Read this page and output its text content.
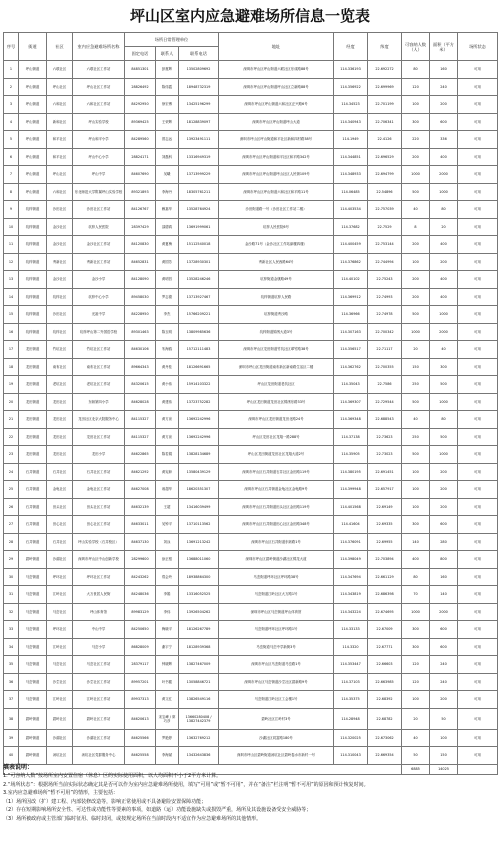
坪山区室内应急避难场所信息一览表
序号	街道	社区	室内应急避难场所名称	场所日常管理单位			地址	经度	纬度	可容纳人数（人）	面积（平方米）	场所状态
				固定电话	联系人	联系电话						
1	坪山街道	六联社区	六联社区工作站	84851301	彭惠辉	13502809692	深圳市坪山区坪山街道六联社区东成路88号	114.336193	22.692272	80	160	可用
2	坪山街道	坪山社区	坪山社区工作站	28826492	陈伟霞	18948732319	深圳市坪山区坪山街道坪山社区立新路88号	114.356922	22.699969	120	240	可用
3	坪山街道	六和社区	六和社区工作站	84292950	徐宏博	13425196299	深圳市坪山区坪山街道六和社区正兴路6号	114.34523	22.701199	100	200	可用
4	坪山街道	新和社区	坪山实验学校	89369425	王荣辉	18128839097	深圳市坪山区坪山街道坪山大道	114.340943	22.706341	300	600	可用
5	坪山街道	和平社区	坪山和平小学	84289560	曾志远	13923491111	深圳市坪山区坪山街道和平社区新和四村路38号	114.1949	22.4126	220	336	可用
6	坪山街道	和平社区	坪山中心小学	28824171	刘磊科	13316949319	深圳市坪山区坪山街道和平社区和平路342号	114.344851	22.696529	200	400	可用
7	坪山街道	坪山社区	坪山中学	84607690	吴曦	13713999229	深圳市坪山区坪山街道坪山社区人民街109号	114.348933	22.694799	1000	2000	可用
8	坪山街道	六和社区	东北师范大学附属坪山实验学校	89321893	李海丹	18305761211	深圳市坪山区坪山街道六和社区和平路11号	114.06485	22.54896	500	1000	可用
9	坑梓街道	沙田社区	沙田社区工作站	84126767	赖嘉华	13528764924	沙田街道路一号（沙田社区工作站二楼）	114.403534	22.757039	40	80	可用
10	坑梓街道	金沙社区	坑梓人民医院	28397429	邵德鸿	13691999061	坑梓人民医院6号	114.37682	22.7529	8	20	可用
11	坑梓街道	金沙社区	金沙社区工作站	84120830	黄夏梅	15112540018	金沙路71号（金沙社区工作站副楼四楼）	114.400459	22.753144	200	400	可用
12	坑梓街道	秀新社区	秀新社区工作站	84652831	黄国芳	13728930301	秀新社区人民西路64号	114.376862	22.744994	100	200	可用
13	坑梓街道	金沙社区	金沙小学	84128090	黄明昌	13528246246	坑梓街道金康路49号	114.40102	22.75243	200	400	可用
14	坑梓街道	坑梓社区	坑梓中心小学	89458030	罗志德	13713927467	坑梓街道坑梓人民路	114.369912	22.74993	200	400	可用
15	坑梓街道	沙田社区	光祖中学	84228950	李杰	15766209221	坑梓街道秀沙路	114.36966	22.74978	500	1000	可用
16	坑梓街道	坑梓社区	坑梓坪山第二外国语学校	89301463	陈玉明	13809985636	坑梓街道锦绣大道3号	114.307163	22.700342	1000	2000	可用
17	龙田街道	竹坑社区	竹坑社区工作站	84630106	朱海鸥	15712111483	深圳市坪山区龙田街道竹坑社区翠竹路38号	114.356517	22.71117	20	40	可用
18	龙田街道	南布社区	南布社区工作站	89664343	黄丹桂	18126691665	深圳市坪山区龙田街道南布新区新南路生活区二楼	114.362762	22.700355	150	300	可用
19	龙田街道	老坑社区	老坑社区工作站	84320615	黄小伟	15914103322	坪山区龙田街道老坑社区	114.35043	22.7586	250	500	可用
20	龙田街道	龙田社区	东纵第四小学	84628028	黄建伟	13723752282	坪山区龙田街道龙田社区锦绣东路33号	114.369307	22.729544	500	1000	可用
21	龙田街道	龙田社区	龙田社区北京大院服务中心	84115327	黄方泉	13692242996	深圳市坪山区龙田街道龙田北路24号	114.369348	22.688543	40	80	可用
22	龙田街道	龙田社区	龙田社区工作站	84115327	黄方泉	13692242996	坪山区龙田社区龙翔一路288号	114.37138	22.73623	250	500	可用
23	龙田街道	龙田社区	龙田小学	84622865	陈若娟	13828134689	坪山区龙田街道龙田社区龙翔大道2号	114.35905	22.73023	500	1000	可用
24	石井街道	石井社区	石井社区工作站	84621292	黄宪彰	13580439129	深圳市坪山区石井街道石井社区金田路119号	114.380195	22.691451	100	200	可用
25	石井街道	金龟社区	金龟社区工作站	84627008	戚超华	18620351307	深圳市坪山区石井街道金龟社区金龟路9号	114.399948	22.657917	100	200	可用
26	石井街道	田头社区	田头社区工作站	84632139	王超	13416039499	深圳市坪山区石井街道田头社区金田路119号	114.401568	22.69149	100	200	可用
27	石井街道	田心社区	田心社区工作站	84633011	吴钟平	13710113562	深圳市坪山区石井街道田心社区金田路348号	114.41604	22.69335	300	600	可用
28	石井街道	石井社区	坪山实验学校（石井校区）	84637130	刘泳	13691213242	深圳市坪山区石井街道东纵路1号	114.376091	22.69955	140	280	可用
29	碧岭街道	沙湖社区	深圳市坪山区中山创新学校	28299600	涂正根	13688011060	深圳市坪山区碧岭街道沙湖社区锦龙大道	114.398049	22.703894	400	800	可用
30	马峦街道	坪环社区	坪环社区工作站	84243262	郑会玲	18938864300	马峦街道坪环社区坪环路38号	114.347694	22.661129	80	160	可用
31	马峦街道	江岭社区	大万世居人民街	84248036	李娟	13316052525	马峦街道江岭社区大万路1号	114.343819	22.686398	70	140	可用
32	马峦街道	马峦社区	坪山体育馆	89983129	李伟	13926504262	深圳市坪山区马峦街道坪山体育馆	114.343224	22.674695	1000	2000	可用
33	马峦街道	坪环社区	中山中学	84250650	梅晓平	18126267789	马峦街道坪环社区坪环路1号	114.33133	22.67009	300	600	可用
34	马峦街道	江岭社区	马峦小学	86828009	谢宇宁	18128939368	马峦街道马峦中学新街3号	114.3320	22.67771	300	600	可用
35	马峦街道	马峦社区	马峦社区工作站	28379117	钟晓辉	13827467009	深圳市坪山区马峦街道马峦路1号	114.353447	22.66603	120	240	可用
36	马峦街道	沙坣社区	沙坣社区工作站	89957201	叶书健	13058846721	深圳市坪山区马峦街道沙坣社区碧新路9号	114.37103	22.663985	120	240	可用
37	马峦街道	江岭社区	江岭社区工作站	89937313	黄文红	13826549116	马峦街道江岭社区工会楼1号	114.35375	22.68392	100	200	可用
38	碧岭街道	碧岭社区	碧岭社区工作站	84620613	宋宝峰 / 廖巧彦	13660280408 / 13827442379	碧岭社区江岭村3号	114.28948	22.68782	20	50	可用
39	碧岭街道	沙湖社区	沙湖社区工作站	84625566	罗艳婷	13632769212	沙湖社区同富路180号	114.320025	22.673062	40	100	可用
40	碧岭街道	汤坑社区	汤坑社区党群服务中心	84625558	李海斌	13432643836	深圳市坪山区碧岭街道汤坑社区碧岭卷水市新村一号	114.310043	22.669354	50	150	可用
										6885	14025	
填表说明：
1.“可容纳人数”按场所室内安置住宿（休息）区的实际使用面积，以人均面积不小于2平方米计算。
2.“场所状态”：根据场所当前实际状态确定其是否可以作为室内应急避难场所使用，填写“可用”或“暂不可用”，并在“备注”栏注明“暂不可用”的原因和预计恢复时间。
3.室内应急避难场所“暂不可用”的情形，主要包括：
（1）场所因改（扩）建工程、内部装修改造等，影响正常使用或不具备避险安置保障功能；
（2）存在短期影响场所安全性、可达性或功能性等要素的事项，如道路（运）功能设施缺失或损毁严重，场所及其设施设备受安全威胁等；
（3）场所被政府或主管部门临时征用、临时封闭，或按规定场所在当前时段内不适宜作为应急避难场所的其他情形。
